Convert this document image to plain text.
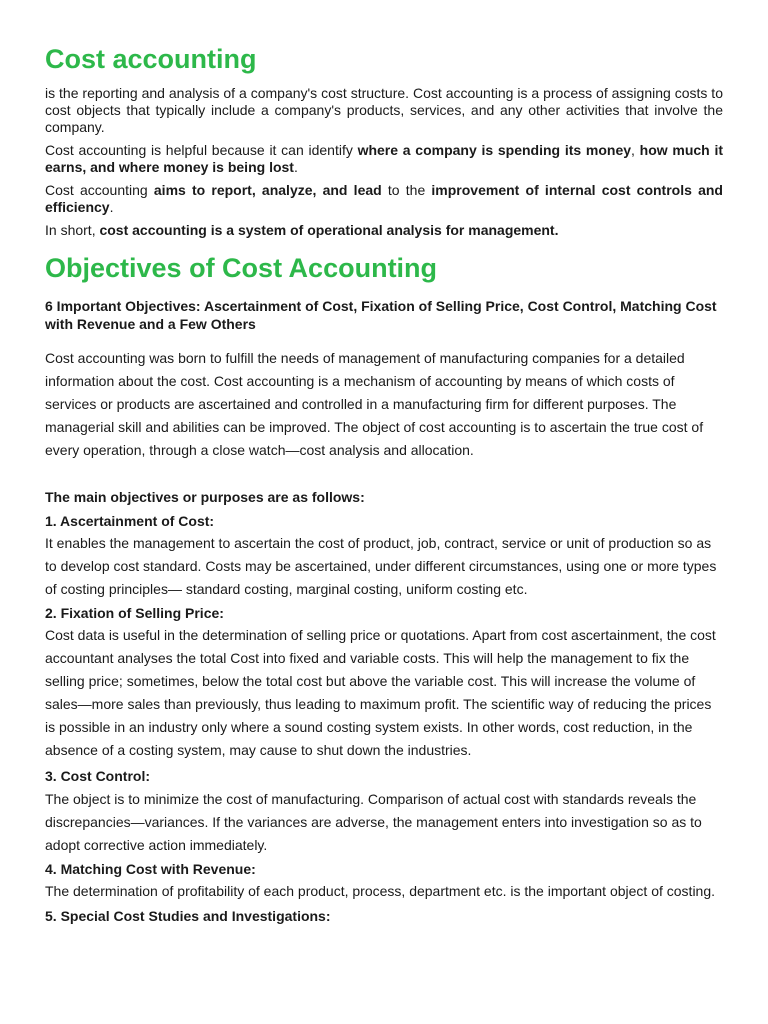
Cost accounting

is the reporting and analysis of a company's cost structure. Cost accounting is a process of assigning costs to cost objects that typically include a company's products, services, and any other activities that involve the company.

Cost accounting is helpful because it can identify where a company is spending its money, how much it earns, and where money is being lost.

Cost accounting aims to report, analyze, and lead to the improvement of internal cost controls and efficiency.

In short, cost accounting is a system of operational analysis for management.

Objectives of Cost Accounting

6 Important Objectives: Ascertainment of Cost, Fixation of Selling Price, Cost Control, Matching Cost with Revenue and a Few Others

Cost accounting was born to fulfill the needs of management of manufacturing companies for a detailed information about the cost. Cost accounting is a mechanism of accounting by means of which costs of services or products are ascertained and controlled in a manufacturing firm for different purposes. The managerial skill and abilities can be improved. The object of cost accounting is to ascertain the true cost of every operation, through a close watch—cost analysis and allocation.

The main objectives or purposes are as follows:

1. Ascertainment of Cost:

It enables the management to ascertain the cost of product, job, contract, service or unit of production so as to develop cost standard. Costs may be ascertained, under different circumstances, using one or more types of costing principles— standard costing, marginal costing, uniform costing etc.

2. Fixation of Selling Price:

Cost data is useful in the determination of selling price or quotations. Apart from cost ascertainment, the cost accountant analyses the total Cost into fixed and variable costs. This will help the management to fix the selling price; sometimes, below the total cost but above the variable cost. This will increase the volume of sales—more sales than previously, thus leading to maximum profit. The scientific way of reducing the prices is possible in an industry only where a sound costing system exists. In other words, cost reduction, in the absence of a costing system, may cause to shut down the industries.

3. Cost Control:

The object is to minimize the cost of manufacturing. Comparison of actual cost with standards reveals the discrepancies—variances. If the variances are adverse, the management enters into investigation so as to adopt corrective action immediately.

4. Matching Cost with Revenue:

The determination of profitability of each product, process, department etc. is the important object of costing.

5. Special Cost Studies and Investigations:
